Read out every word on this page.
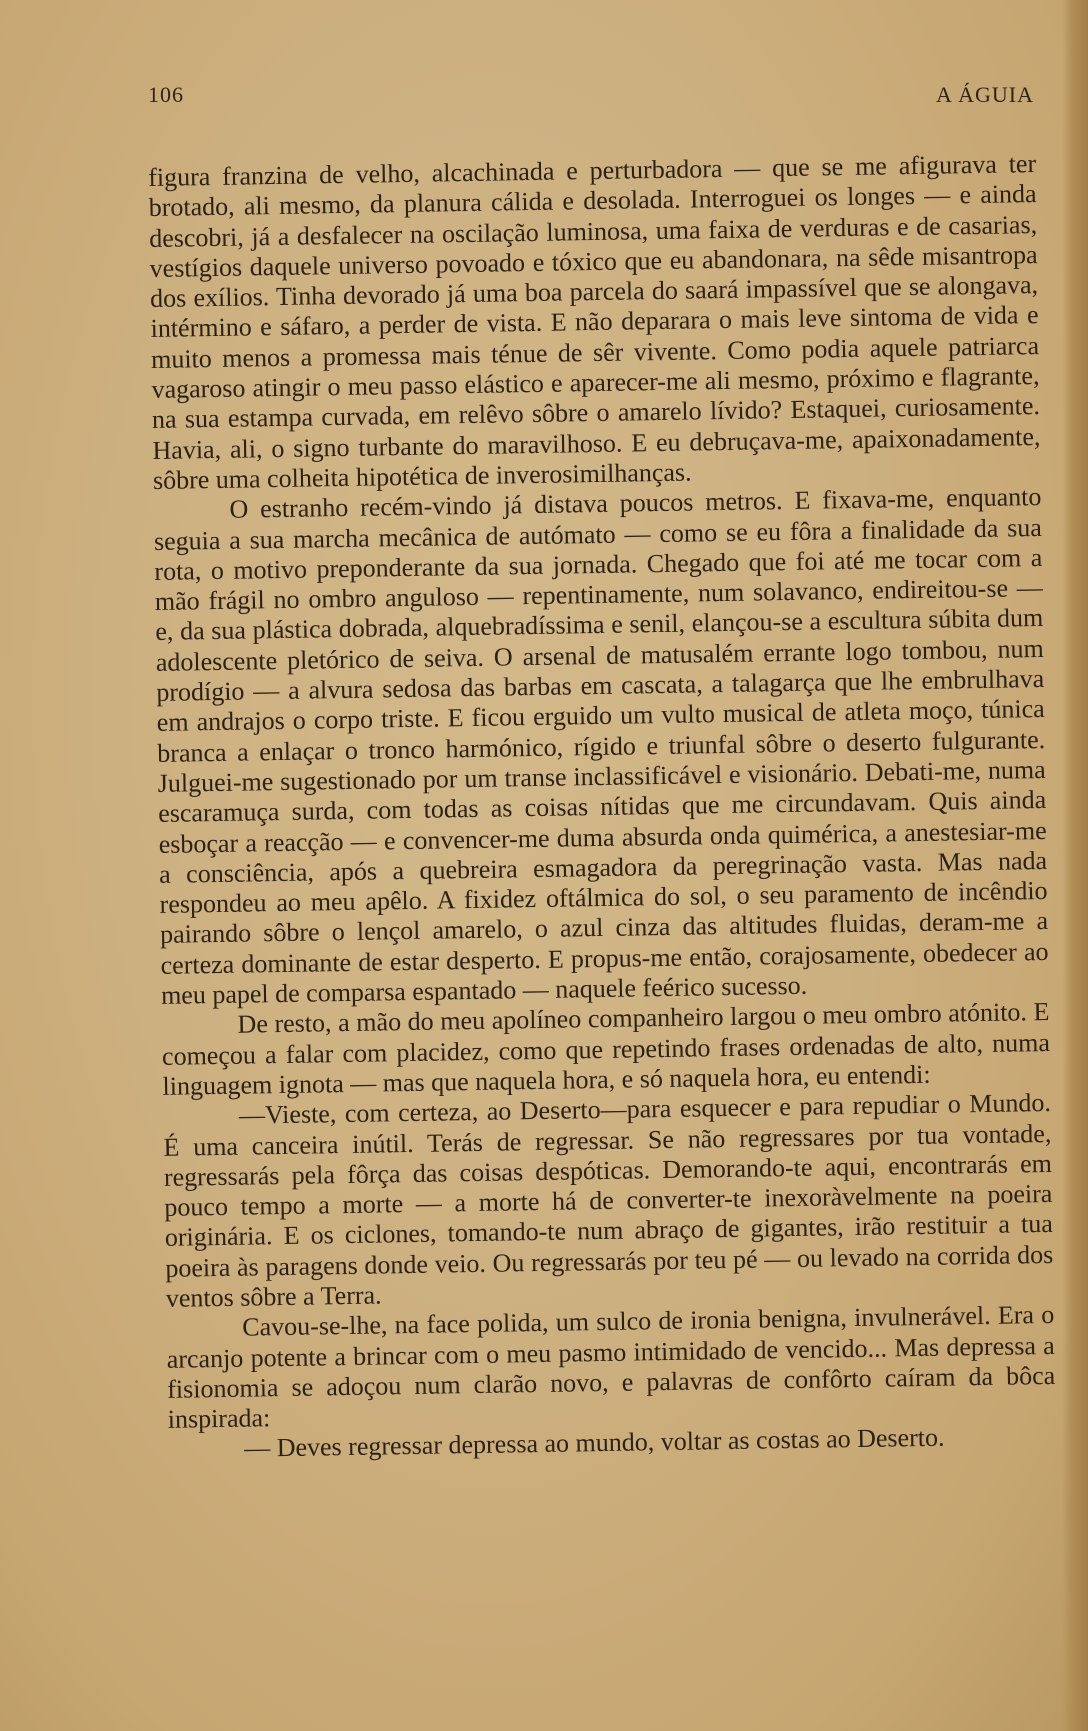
106	A ÁGUIA

figura franzina de velho, alcachinada e perturbadora — que se me afigurava ter brotado, ali mesmo, da planura cálida e desolada. Interroguei os longes — e ainda descobri, já a desfalecer na oscilação luminosa, uma faixa de verduras e de casarias, vestígios daquele universo povoado e tóxico que eu abandonara, na sêde misantropa dos exílios. Tinha devorado já uma boa parcela do saará impassível que se alongava, intérmino e sáfaro, a perder de vista. E não deparara o mais leve sintoma de vida e muito menos a promessa mais ténue de sêr vivente. Como podia aquele patriarca vagaroso atingir o meu passo elástico e aparecer-me ali mesmo, próximo e flagrante, na sua estampa curvada, em relêvo sôbre o amarelo lívido? Estaquei, curiosamente. Havia, ali, o signo turbante do maravilhoso. E eu debruçava-me, apaixonadamente, sôbre uma colheita hipotética de inverosimilhanças.

O estranho recém-vindo já distava poucos metros. E fixava-me, enquanto seguia a sua marcha mecânica de autómato — como se eu fôra a finalidade da sua rota, o motivo preponderante da sua jornada. Chegado que foi até me tocar com a mão frágil no ombro anguloso — repentinamente, num solavanco, endireitou-se — e, da sua plástica dobrada, alquebradíssima e senil, elançou-se a escultura súbita dum adolescente pletórico de seiva. O arsenal de matusalém errante logo tombou, num prodígio — a alvura sedosa das barbas em cascata, a talagarça que lhe embrulhava em andrajos o corpo triste. E ficou erguido um vulto musical de atleta moço, túnica branca a enlaçar o tronco harmónico, rígido e triunfal sôbre o deserto fulgurante. Julguei-me sugestionado por um transe inclassificável e visionário. Debati-me, numa escaramuça surda, com todas as coisas nítidas que me circundavam. Quis ainda esboçar a reacção — e convencer-me duma absurda onda quimérica, a anestesiar-me a consciência, após a quebreira esmagadora da peregrinação vasta. Mas nada respondeu ao meu apêlo. A fixidez oftálmica do sol, o seu paramento de incêndio pairando sôbre o lençol amarelo, o azul cinza das altitudes fluidas, deram-me a certeza dominante de estar desperto. E propus-me então, corajosamente, obedecer ao meu papel de comparsa espantado — naquele feérico sucesso.

De resto, a mão do meu apolíneo companheiro largou o meu ombro atónito. E começou a falar com placidez, como que repetindo frases ordenadas de alto, numa linguagem ignota — mas que naquela hora, e só naquela hora, eu entendi:

—Vieste, com certeza, ao Deserto—para esquecer e para repudiar o Mundo. É uma canceira inútil. Terás de regressar. Se não regressares por tua vontade, regressarás pela fôrça das coisas despóticas. Demorando-te aqui, encontrarás em pouco tempo a morte — a morte há de converter-te inexoràvelmente na poeira originária. E os ciclones, tomando-te num abraço de gigantes, irão restituir a tua poeira às paragens donde veio. Ou regressarás por teu pé — ou levado na corrida dos ventos sôbre a Terra.

Cavou-se-lhe, na face polida, um sulco de ironia benigna, invulnerável. Era o arcanjo potente a brincar com o meu pasmo intimidado de vencido... Mas depressa a fisionomia se adoçou num clarão novo, e palavras de confôrto caíram da bôca inspirada:

— Deves regressar depressa ao mundo, voltar as costas ao Deserto.
